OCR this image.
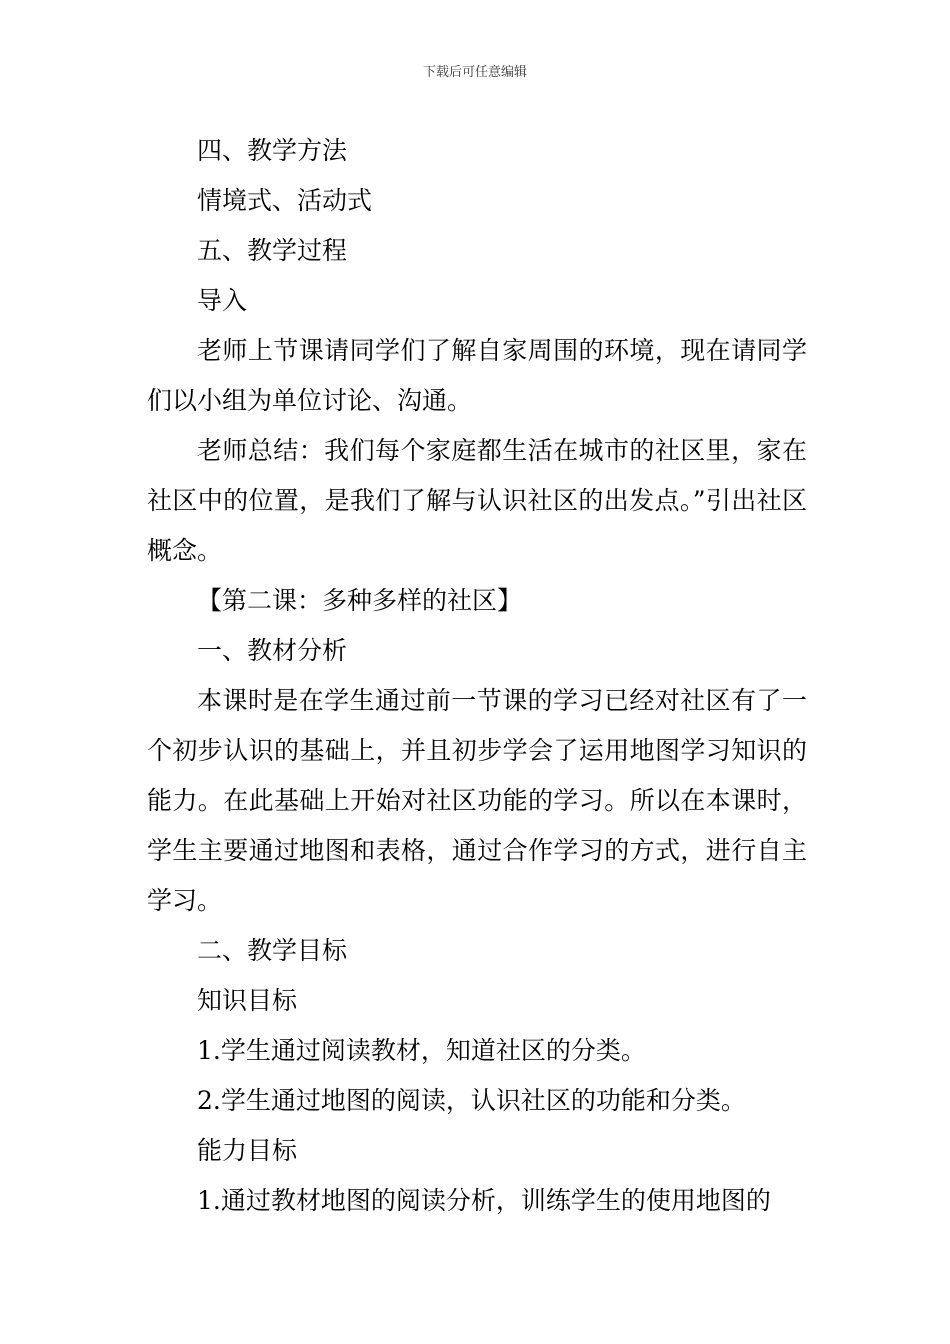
下载后可任意编辑

四、教学方法

情境式、活动式

五、教学过程

导入

老师上节课请同学们了解自家周围的环境，现在请同学们以小组为单位讨论、沟通。

老师总结：我们每个家庭都生活在城市的社区里，家在社区中的位置，是我们了解与认识社区的出发点。”引出社区概念。

【第二课：多种多样的社区】

一、教材分析

本课时是在学生通过前一节课的学习已经对社区有了一个初步认识的基础上，并且初步学会了运用地图学习知识的能力。在此基础上开始对社区功能的学习。所以在本课时，学生主要通过地图和表格，通过合作学习的方式，进行自主学习。

二、教学目标

知识目标

1.学生通过阅读教材，知道社区的分类。

2.学生通过地图的阅读，认识社区的功能和分类。

能力目标

1.通过教材地图的阅读分析，训练学生的使用地图的
